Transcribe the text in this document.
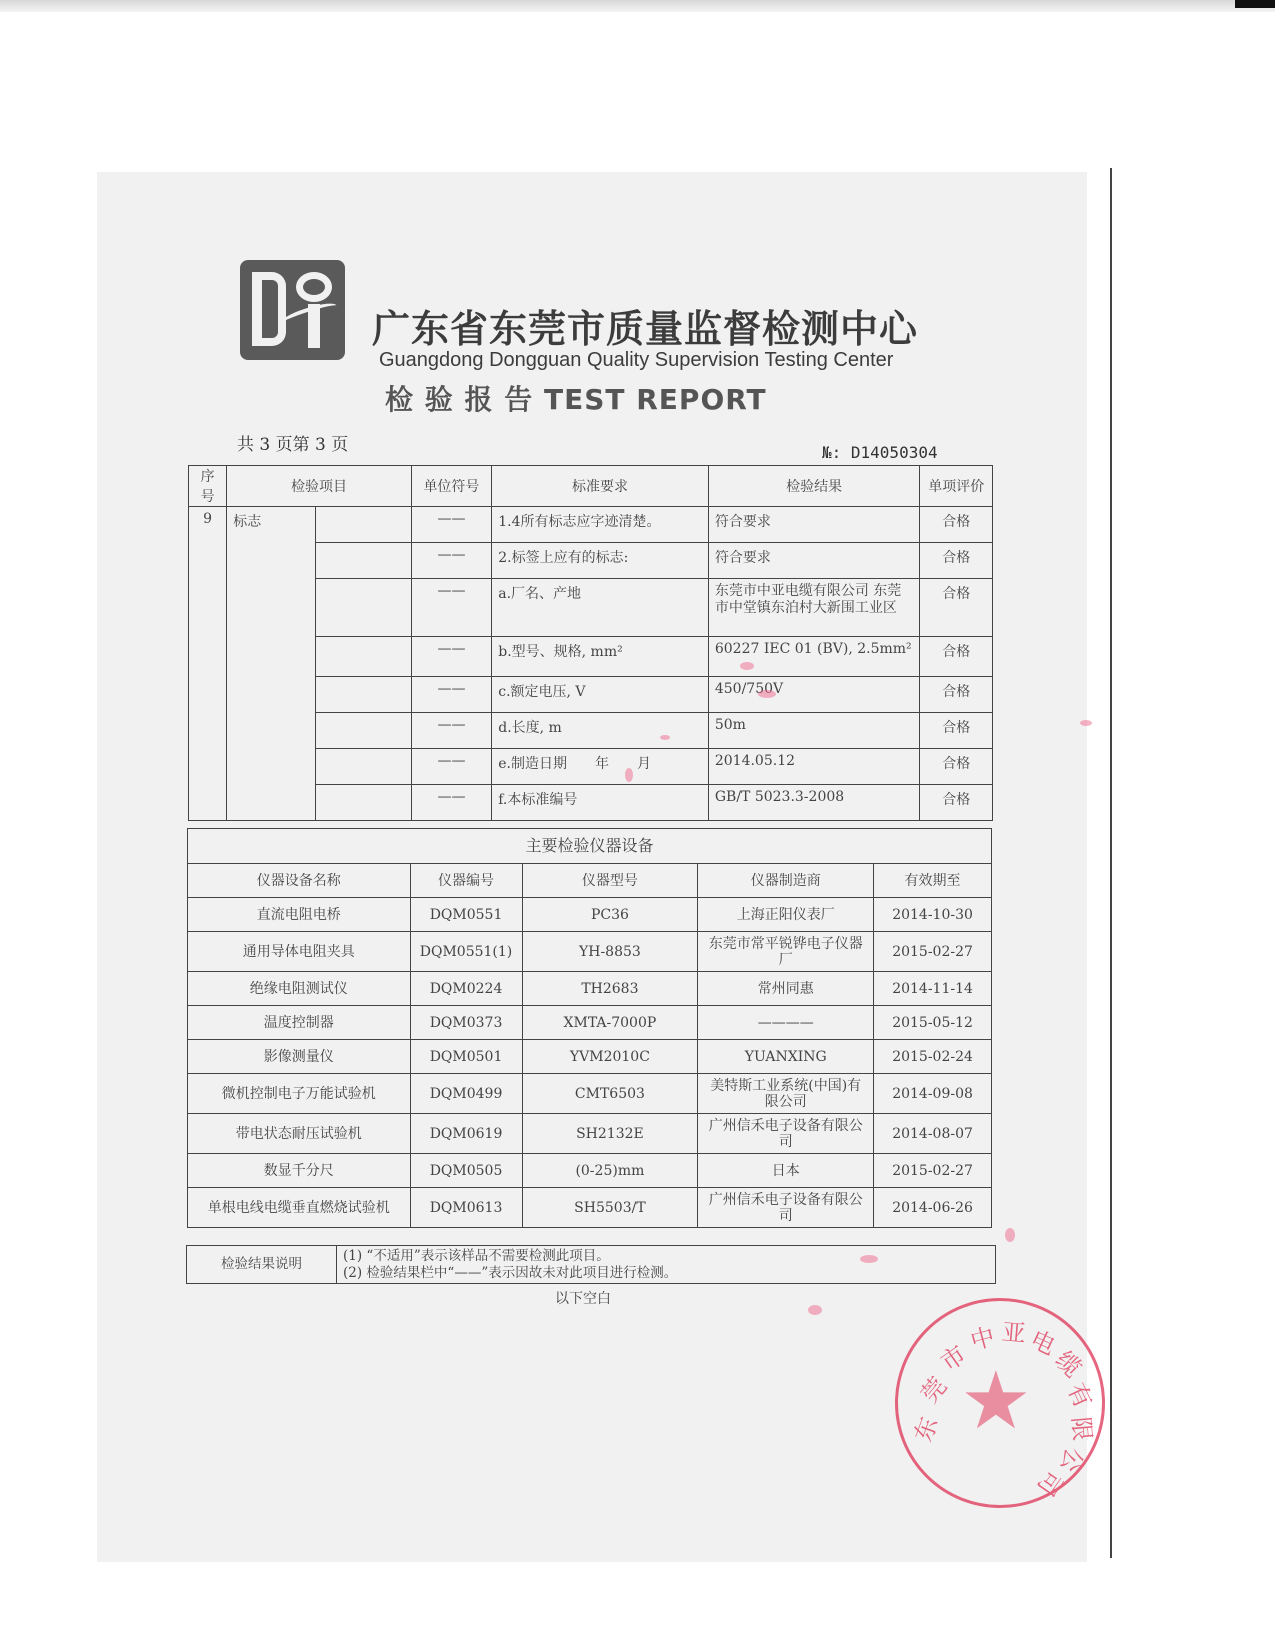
广东省东莞市质量监督检测中心
Guangdong Dongguan Quality Supervision Testing Center
检 验 报 告 TEST REPORT
共 3 页第 3 页	№: D14050304
序号	检验项目		单位符号	标准要求	检验结果	单项评价
9	标志		——	1.4所有标志应字迹清楚。	符合要求	合格
			——	2.标签上应有的标志:	符合要求	合格
			——	a.厂名、产地	东莞市中亚电缆有限公司 东莞市中堂镇东泊村大新围工业区	合格
			——	b.型号、规格, mm²	60227 IEC 01 (BV), 2.5mm²	合格
			——	c.额定电压, V	450/750V	合格
			——	d.长度, m	50m	合格
			——	e.制造日期　　年　　月	2014.05.12	合格
			——	f.本标准编号	GB/T 5023.3-2008	合格
主要检验仪器设备				
仪器设备名称	仪器编号	仪器型号	仪器制造商	有效期至
直流电阻电桥	DQM0551	PC36	上海正阳仪表厂	2014-10-30
通用导体电阻夹具	DQM0551(1)	YH-8853	东莞市常平锐铧电子仪器厂	2015-02-27
绝缘电阻测试仪	DQM0224	TH2683	常州同惠	2014-11-14
温度控制器	DQM0373	XMTA-7000P	————	2015-05-12
影像测量仪	DQM0501	YVM2010C	YUANXING	2015-02-24
微机控制电子万能试验机	DQM0499	CMT6503	美特斯工业系统(中国)有限公司	2014-09-08
带电状态耐压试验机	DQM0619	SH2132E	广州信禾电子设备有限公司	2014-08-07
数显千分尺	DQM0505	(0-25)mm	日本	2015-02-27
单根电线电缆垂直燃烧试验机	DQM0613	SH5503/T	广州信禾电子设备有限公司	2014-06-26
检验结果说明	
(1) “不适用”表示该样品不需要检测此项目。
(2) 检验结果栏中“——”表示因故未对此项目进行检测。
以下空白
★
东
莞
市
中 亚 电
缆
有
限
公
司
